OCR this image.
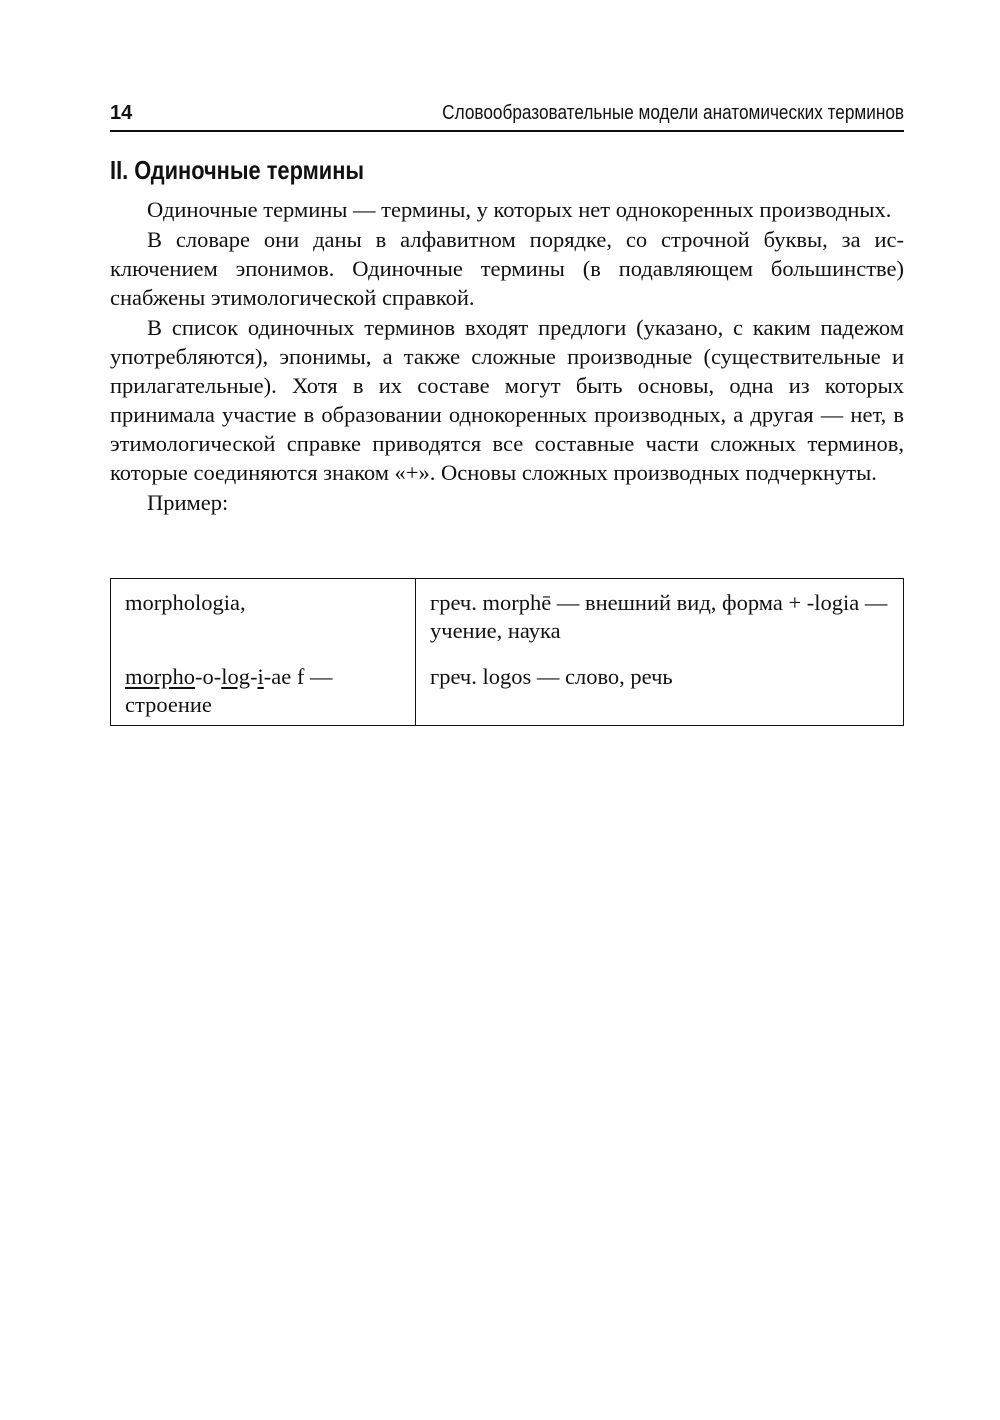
14	Словообразовательные модели анатомических терминов
II. Одиночные термины

Одиночные термины — термины, у которых нет однокоренных производных.

В словаре они даны в алфавитном порядке, со строчной буквы, за исключением эпонимов. Одиночные термины (в подавляющем большинстве) снабжены этимологической справкой.

В список одиночных терминов входят предлоги (указано, с каким падежом употребляются), эпонимы, а также сложные производные (существительные и прилагательные). Хотя в их составе могут быть основы, одна из которых принимала участие в образовании однокоренных производных, а другая — нет, в этимологической справке приводятся все составные части сложных терминов, которые соединяются знаком «+». Основы сложных производных подчеркнуты.

Пример:

morphologia,	греч. morphē — внешний вид, форма + -logia — учение, наука
morpho-o-log-i-ae f — строение	греч. logos — слово, речь
